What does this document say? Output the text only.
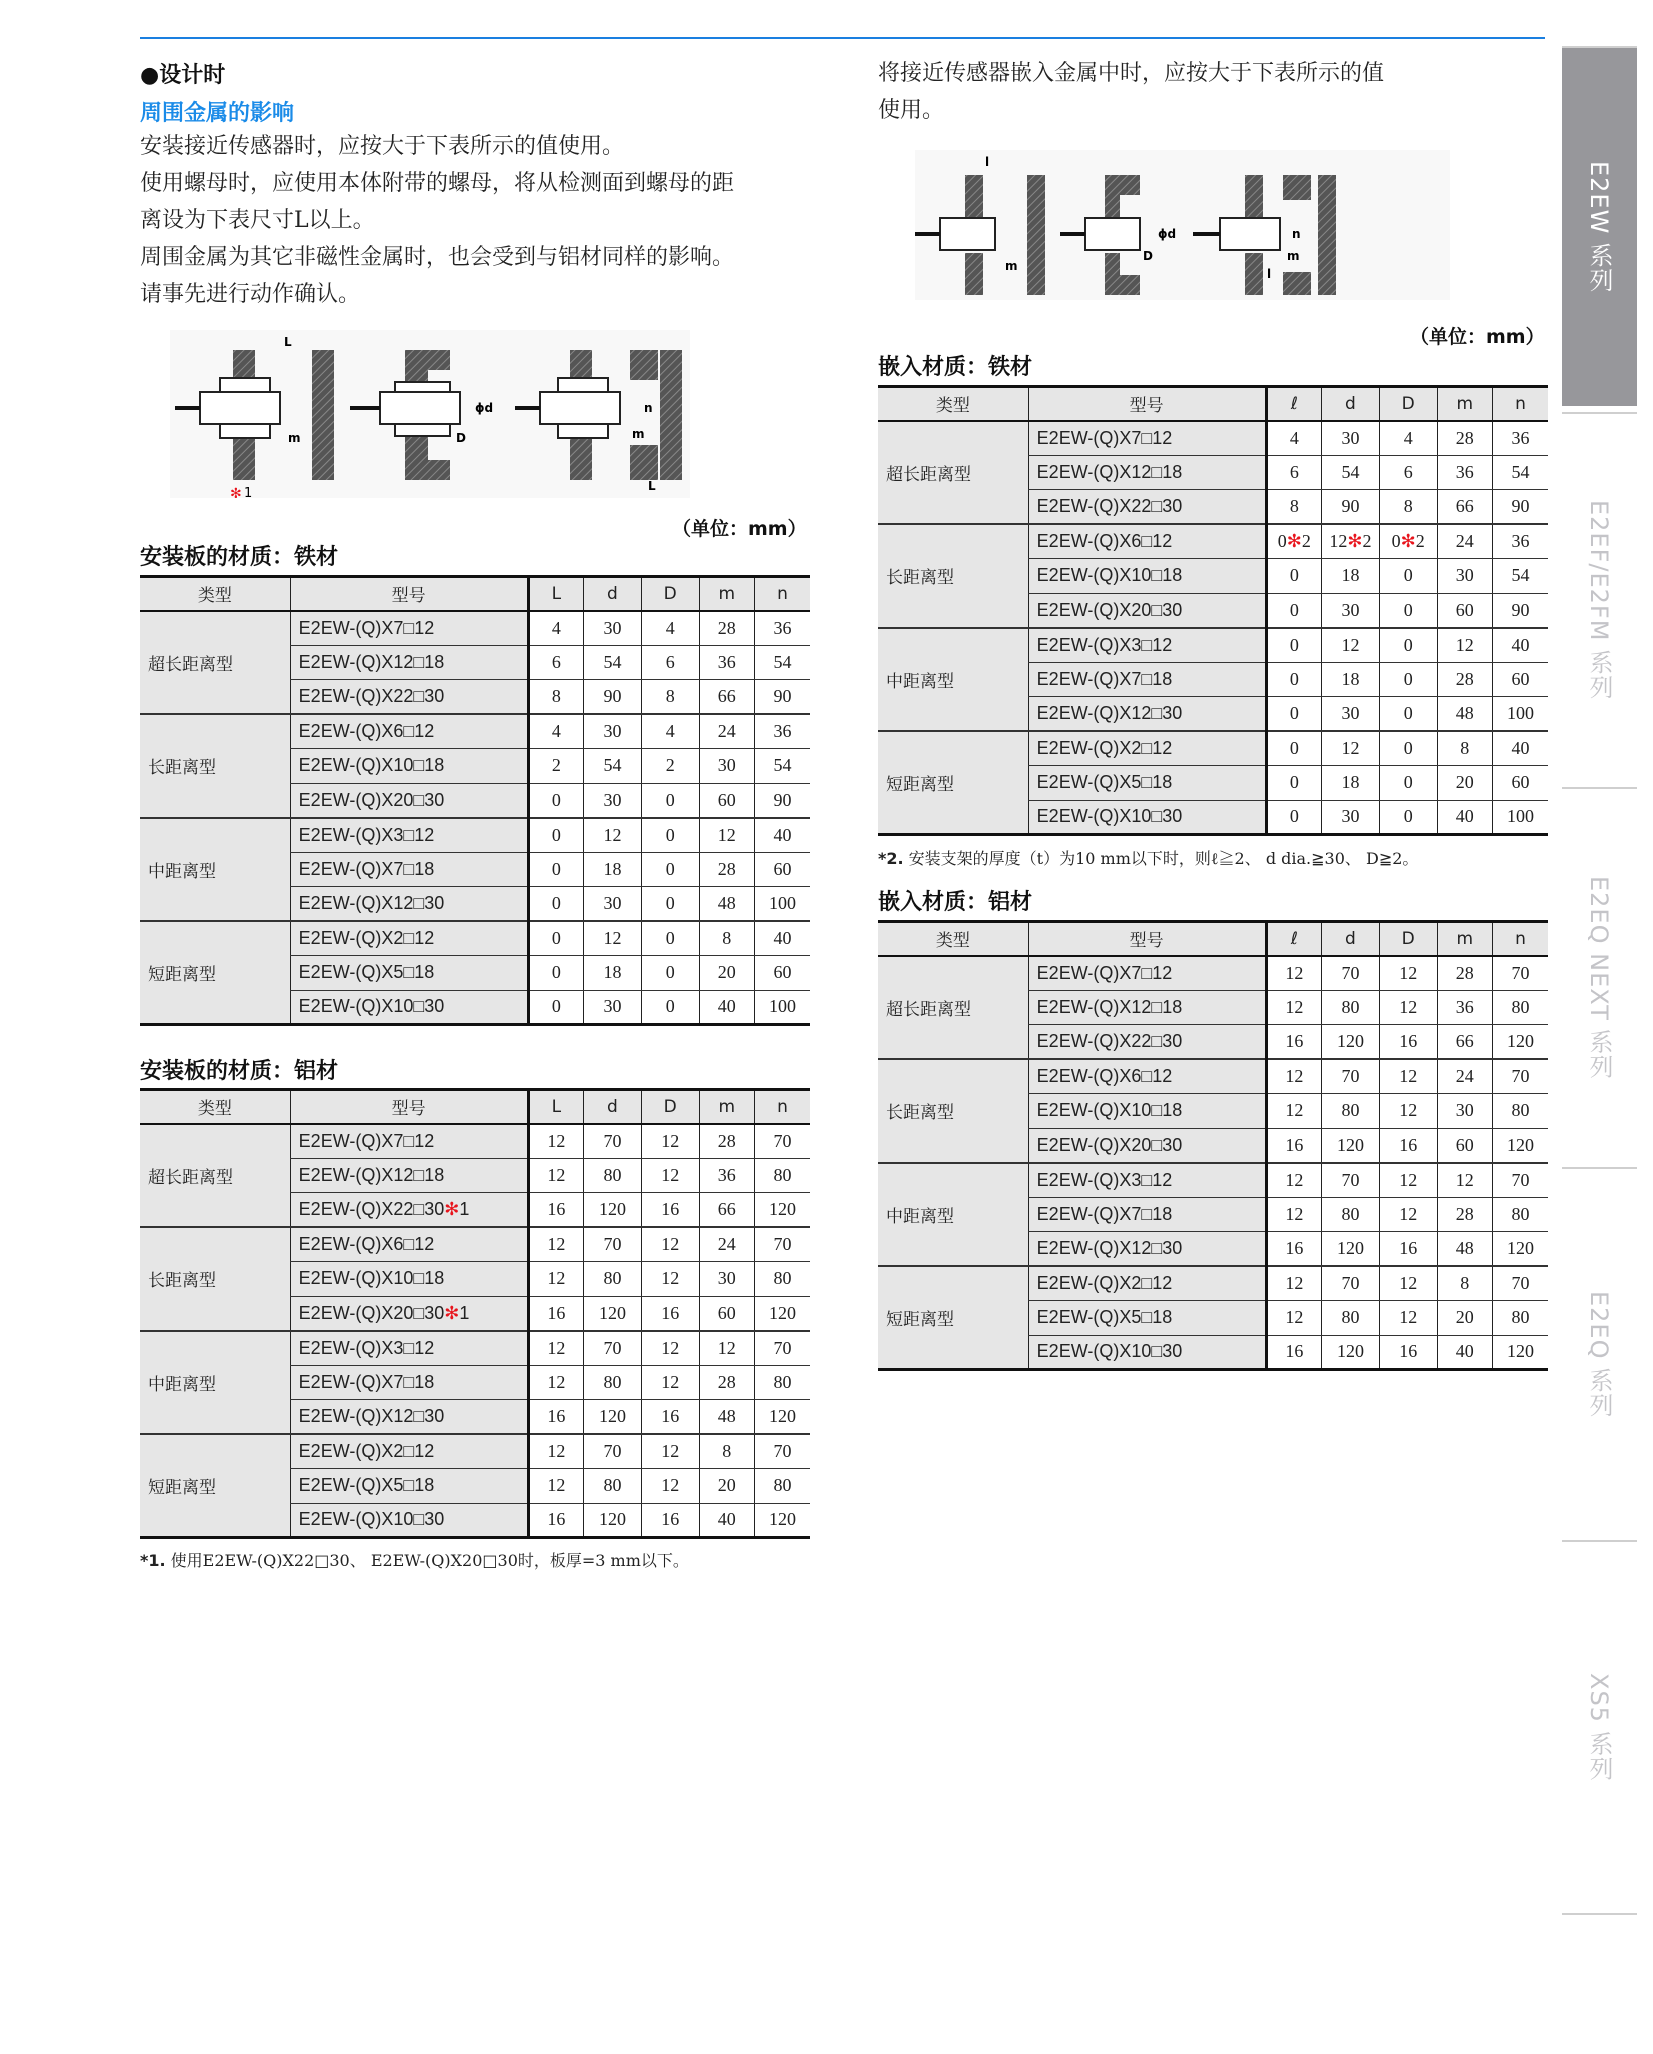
●设计时
周围金属的影响
安装接近传感器时，应按大于下表所示的值使用。
使用螺母时，应使用本体附带的螺母，将从检测面到螺母的距
离设为下表尺寸L以上。
周围金属为其它非磁性金属时，也会受到与铝材同样的影响。
请事先进行动作确认。
L
m
ϕd
D
n
m
L
✻ 1
（单位：mm）
安装板的材质：铁材
类型	型号	L	d	D	m	n
超长距离型	E2EW-(Q)X7□12	4	30	4	28	36
	E2EW-(Q)X12□18	6	54	6	36	54
	E2EW-(Q)X22□30	8	90	8	66	90
长距离型	E2EW-(Q)X6□12	4	30	4	24	36
	E2EW-(Q)X10□18	2	54	2	30	54
	E2EW-(Q)X20□30	0	30	0	60	90
中距离型	E2EW-(Q)X3□12	0	12	0	12	40
	E2EW-(Q)X7□18	0	18	0	28	60
	E2EW-(Q)X12□30	0	30	0	48	100
短距离型	E2EW-(Q)X2□12	0	12	0	8	40
	E2EW-(Q)X5□18	0	18	0	20	60
	E2EW-(Q)X10□30	0	30	0	40	100
安装板的材质：铝材
类型	型号	L	d	D	m	n
超长距离型	E2EW-(Q)X7□12	12	70	12	28	70
	E2EW-(Q)X12□18	12	80	12	36	80
	E2EW-(Q)X22□30✻1	16	120	16	66	120
长距离型	E2EW-(Q)X6□12	12	70	12	24	70
	E2EW-(Q)X10□18	12	80	12	30	80
	E2EW-(Q)X20□30✻1	16	120	16	60	120
中距离型	E2EW-(Q)X3□12	12	70	12	12	70
	E2EW-(Q)X7□18	12	80	12	28	80
	E2EW-(Q)X12□30	16	120	16	48	120
短距离型	E2EW-(Q)X2□12	12	70	12	8	70
	E2EW-(Q)X5□18	12	80	12	20	80
	E2EW-(Q)X10□30	16	120	16	40	120
*1. 使用E2EW-(Q)X22□30、 E2EW-(Q)X20□30时，板厚=3 mm以下。
将接近传感器嵌入金属中时，应按大于下表所示的值
使用。
l
m
ϕd
D
n
m
l
（单位：mm）
嵌入材质：铁材
类型	型号	ℓ	d	D	m	n
超长距离型	E2EW-(Q)X7□12	4	30	4	28	36
	E2EW-(Q)X12□18	6	54	6	36	54
	E2EW-(Q)X22□30	8	90	8	66	90
长距离型	E2EW-(Q)X6□12	0✻2	12✻2	0✻2	24	36
	E2EW-(Q)X10□18	0	18	0	30	54
	E2EW-(Q)X20□30	0	30	0	60	90
中距离型	E2EW-(Q)X3□12	0	12	0	12	40
	E2EW-(Q)X7□18	0	18	0	28	60
	E2EW-(Q)X12□30	0	30	0	48	100
短距离型	E2EW-(Q)X2□12	0	12	0	8	40
	E2EW-(Q)X5□18	0	18	0	20	60
	E2EW-(Q)X10□30	0	30	0	40	100
*2. 安装支架的厚度（t）为10 mm以下时，则ℓ≧2、 d dia.≧30、 D≧2。
嵌入材质：铝材
类型	型号	ℓ	d	D	m	n
超长距离型	E2EW-(Q)X7□12	12	70	12	28	70
	E2EW-(Q)X12□18	12	80	12	36	80
	E2EW-(Q)X22□30	16	120	16	66	120
长距离型	E2EW-(Q)X6□12	12	70	12	24	70
	E2EW-(Q)X10□18	12	80	12	30	80
	E2EW-(Q)X20□30	16	120	16	60	120
中距离型	E2EW-(Q)X3□12	12	70	12	12	70
	E2EW-(Q)X7□18	12	80	12	28	80
	E2EW-(Q)X12□30	16	120	16	48	120
短距离型	E2EW-(Q)X2□12	12	70	12	8	70
	E2EW-(Q)X5□18	12	80	12	20	80
	E2EW-(Q)X10□30	16	120	16	40	120
E2EW 系列
E2EF/E2FM 系列
E2EQ NEXT 系列
E2EQ 系列
XS5 系列
